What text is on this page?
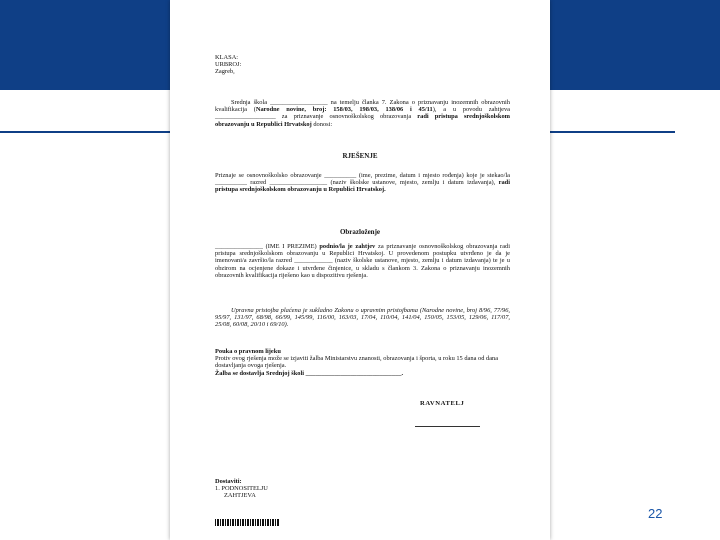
KLASA:
URBROJ:
Zagreb,
Srednja škola __________________ na temelju članka 7. Zakona o priznavanju inozemnih obrazovnih kvalifikacija (Narodne novine, broj: 158/03, 198/03, 138/06 i 45/11), a u povodu zahtjeva ___________________ za priznavanje osnovnoškolskog obrazovanja radi pristupa srednjoškolskom obrazovanju u Republici Hrvatskoj donosi:
RJEŠENJE
Priznaje se osnovnoškolsko obrazovanje __________ (ime, prezime, datum i mjesto rođenja) koje je stekao/la __________ razred __________________ (naziv školske ustanove, mjesto, zemlju i datum izdavanja), radi pristupa srednjoškolskom obrazovanju u Republici Hrvatskoj.
Obrazloženje
_______________ (IME I PREZIME) podnio/la je zahtjev za priznavanje osnovnoškolskog obrazovanja radi pristupa srednjoškolskom obrazovanju u Republici Hrvatskoj. U provedenom postupku utvrđeno je da je imenovani/a završio/la razred ____________ (naziv školske ustanove, mjesto, zemlju i datum izdavanja) te je u obzirom na ocjenjene dokaze i utvrđene činjenice, u skladu s člankom 3. Zakona o priznavanju inozemnih obrazovnih kvalifikacija riješeno kao u dispozitivu rješenja.
Upravna pristojba plaćena je sukladno Zakonu o upravnim pristojbama (Narodne novine, broj 8/96, 77/96, 95/97, 131/97, 68/98, 66/99, 145/99, 116/00, 163/03, 17/04, 110/04, 141/04, 150/05, 153/05, 129/06, 117/07, 25/08, 60/08, 20/10 i 69/10).
Pouka o pravnom lijeku
Protiv ovog rješenja može se izjaviti žalba Ministarstvu znanosti, obrazovanja i športa, u roku 15 dana od dana dostavljanja ovoga rješenja.
Žalba se dostavlja Srednjoj školi ______________________________.
RAVNATELJ
Dostaviti:
1. PODNOSITELJU
ZAHTJEVA
22
